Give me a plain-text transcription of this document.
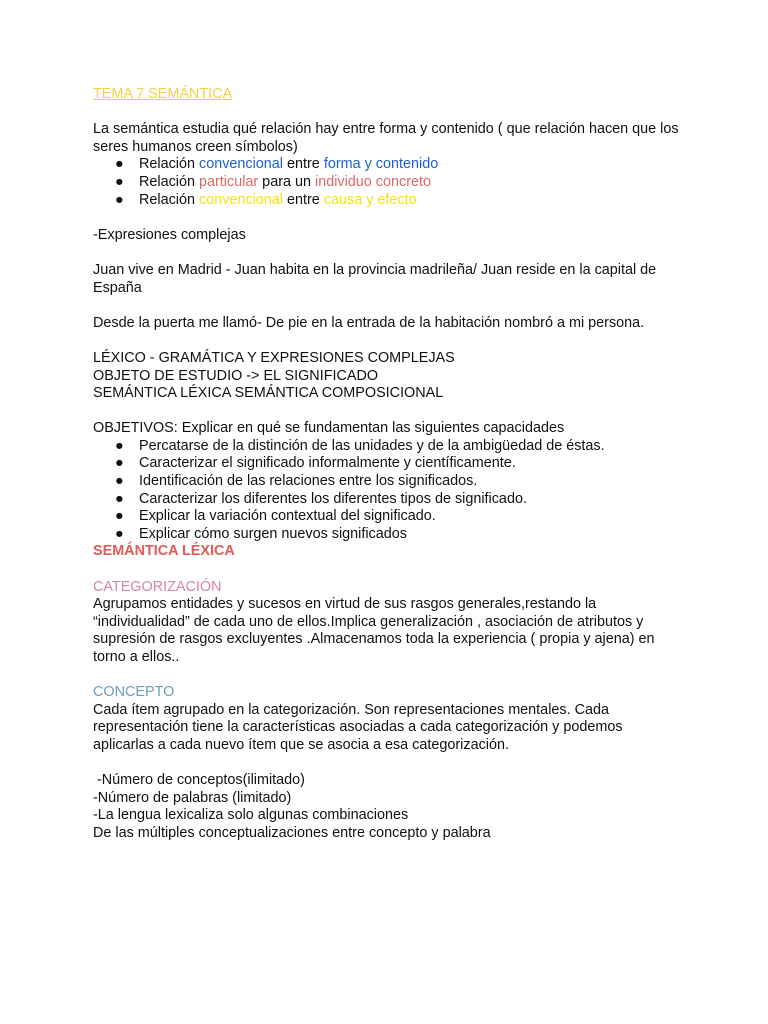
TEMA 7 SEMÁNTICA

La semántica estudia qué relación hay entre forma y contenido ( que relación hacen que los seres humanos creen símbolos)

● Relación convencional entre forma y contenido
● Relación particular para un individuo concreto
● Relación convencional entre causa y efecto

-Expresiones complejas

Juan vive en Madrid - Juan habita en la provincia madrileña/ Juan reside en la capital de España

Desde la puerta me llamó- De pie en la entrada de la habitación nombró a mi persona.

LÉXICO - GRAMÁTICA Y EXPRESIONES COMPLEJAS

OBJETO DE ESTUDIO -> EL SIGNIFICADO

SEMÁNTICA LÉXICA SEMÁNTICA COMPOSICIONAL

OBJETIVOS: Explicar en qué se fundamentan las siguientes capacidades

● Percatarse de la distinción de las unidades y de la ambigüedad de éstas.
● Caracterizar el significado informalmente y científicamente.
● Identificación de las relaciones entre los significados.
● Caracterizar los diferentes los diferentes tipos de significado.
● Explicar la variación contextual del significado.
● Explicar cómo surgen nuevos significados

SEMÁNTICA LÉXICA

CATEGORIZACIÓN

Agrupamos entidades y sucesos en virtud de sus rasgos generales,restando la “individualidad” de cada uno de ellos.Implica generalización , asociación de atributos y supresión de rasgos excluyentes .Almacenamos toda la experiencia ( propia y ajena) en torno a ellos..

CONCEPTO

Cada ítem agrupado en la categorización. Son representaciones mentales. Cada representación tiene la características asociadas a cada categorización y podemos aplicarlas a cada nuevo ítem que se asocia a esa categorización.

-Número de conceptos(ilimitado)

-Número de palabras (limitado)

-La lengua lexicaliza solo algunas combinaciones

De las múltiples conceptualizaciones entre concepto y palabra
